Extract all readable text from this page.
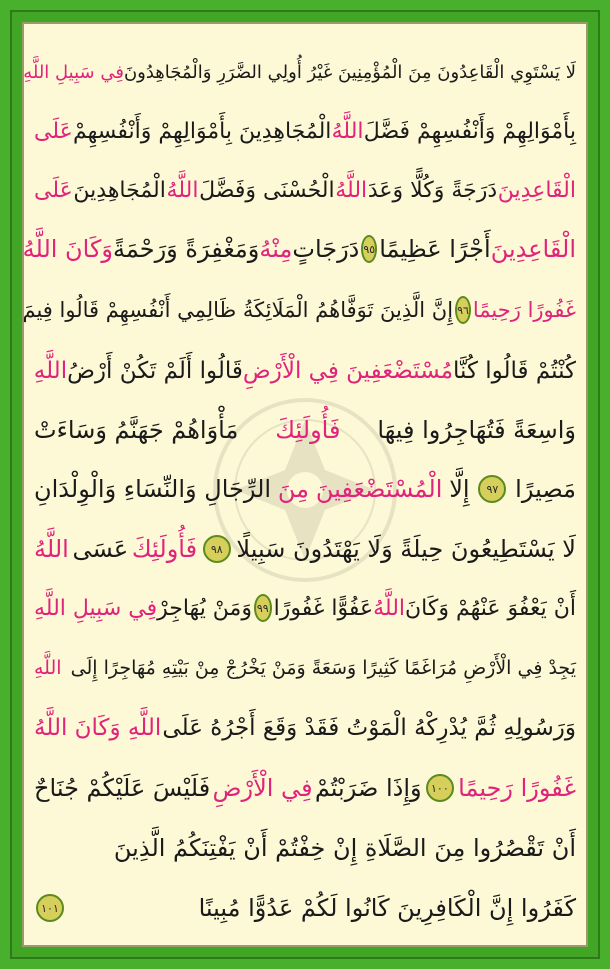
لَا يَسْتَوِي الْقَاعِدُونَ مِنَ الْمُؤْمِنِينَ غَيْرُ أُولِي الضَّرَرِ وَالْمُجَاهِدُونَ
فِي سَبِيلِ اللَّهِ
بِأَمْوَالِهِمْ وَأَنْفُسِهِمْ فَضَّلَ
اللَّهُ
الْمُجَاهِدِينَ بِأَمْوَالِهِمْ وَأَنْفُسِهِمْ
عَلَى
الْقَاعِدِينَ
دَرَجَةً وَكُلًّا وَعَدَ
اللَّهُ
الْحُسْنَى وَفَضَّلَ
اللَّهُ
الْمُجَاهِدِينَ
عَلَى
الْقَاعِدِينَ
أَجْرًا عَظِيمًا
٩٥
دَرَجَاتٍ
مِنْهُ
وَمَغْفِرَةً وَرَحْمَةً
وَكَانَ اللَّهُ
غَفُورًا رَحِيمًا
٩٦
إِنَّ الَّذِينَ تَوَفَّاهُمُ الْمَلَائِكَةُ ظَالِمِي أَنْفُسِهِمْ قَالُوا فِيمَ
كُنْتُمْ قَالُوا كُنَّا
مُسْتَضْعَفِينَ فِي الْأَرْضِ
قَالُوا أَلَمْ تَكُنْ أَرْضُ
اللَّهِ
وَاسِعَةً فَتُهَاجِرُوا فِيهَا
فَأُولَئِكَ
مَأْوَاهُمْ جَهَنَّمُ وَسَاءَتْ
مَصِيرًا
٩٧
إِلَّا
الْمُسْتَضْعَفِينَ
مِنَ
الرِّجَالِ وَالنِّسَاءِ وَالْوِلْدَانِ
لَا يَسْتَطِيعُونَ حِيلَةً وَلَا يَهْتَدُونَ سَبِيلًا
٩٨
فَأُولَئِكَ
عَسَى
اللَّهُ
أَنْ يَعْفُوَ عَنْهُمْ وَكَانَ
اللَّهُ
عَفُوًّا غَفُورًا
٩٩
وَمَنْ يُهَاجِرْ
فِي سَبِيلِ اللَّهِ
يَجِدْ فِي الْأَرْضِ مُرَاغَمًا كَثِيرًا وَسَعَةً وَمَنْ يَخْرُجْ مِنْ بَيْتِهِ مُهَاجِرًا إِلَى
اللَّهِ
وَرَسُولِهِ ثُمَّ يُدْرِكْهُ الْمَوْتُ فَقَدْ وَقَعَ أَجْرُهُ عَلَى
اللَّهِ وَكَانَ اللَّهُ
غَفُورًا رَحِيمًا
١٠٠
وَإِذَا ضَرَبْتُمْ
فِي الْأَرْضِ
فَلَيْسَ عَلَيْكُمْ جُنَاحٌ
أَنْ تَقْصُرُوا مِنَ الصَّلَاةِ إِنْ خِفْتُمْ أَنْ يَفْتِنَكُمُ الَّذِينَ
كَفَرُوا إِنَّ الْكَافِرِينَ كَانُوا لَكُمْ عَدُوًّا مُبِينًا
١٠١
